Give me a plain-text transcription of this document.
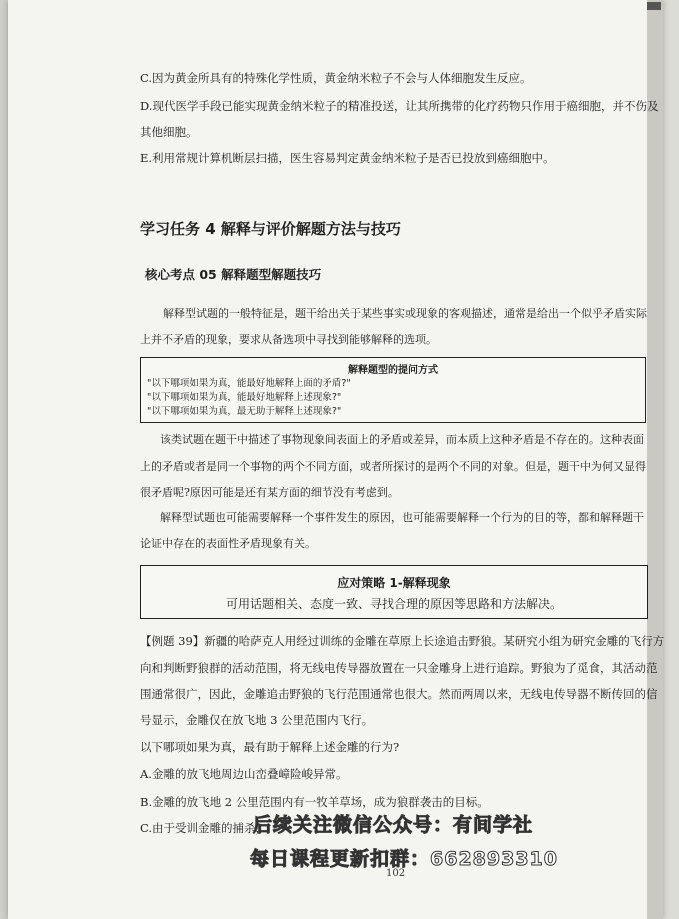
C.因为黄金所具有的特殊化学性质，黄金纳米粒子不会与人体细胞发生反应。
D.现代医学手段已能实现黄金纳米粒子的精准投送，让其所携带的化疗药物只作用于癌细胞，并不伤及
其他细胞。
E.利用常规计算机断层扫描，医生容易判定黄金纳米粒子是否已投放到癌细胞中。
学习任务 4 解释与评价解题方法与技巧
核心考点 05 解释题型解题技巧
解释型试题的一般特征是，题干给出关于某些事实或现象的客观描述，通常是给出一个似乎矛盾实际
上并不矛盾的现象，要求从备选项中寻找到能够解释的选项。
解释题型的提问方式
"以下哪项如果为真，能最好地解释上面的矛盾?"
"以下哪项如果为真，能最好地解释上述现象?"
"以下哪项如果为真，最无助于解释上述现象?"
该类试题在题干中描述了事物现象间表面上的矛盾或差异，而本质上这种矛盾是不存在的。这种表面
上的矛盾或者是同一个事物的两个不同方面，或者所探讨的是两个不同的对象。但是，题干中为何又显得
很矛盾呢?原因可能是还有某方面的细节没有考虑到。
解释型试题也可能需要解释一个事件发生的原因，也可能需要解释一个行为的目的等，都和解释题干
论证中存在的表面性矛盾现象有关。
应对策略 1-解释现象
可用话题相关、态度一致、寻找合理的原因等思路和方法解决。
【例题 39】新疆的哈萨克人用经过训练的金雕在草原上长途追击野狼。某研究小组为研究金雕的飞行方
向和判断野狼群的活动范围，将无线电传导器放置在一只金雕身上进行追踪。野狼为了觅食，其活动范
围通常很广，因此，金雕追击野狼的飞行范围通常也很大。然而两周以来，无线电传导器不断传回的信
号显示，金雕仅在放飞地 3 公里范围内飞行。
以下哪项如果为真，最有助于解释上述金雕的行为?
A.金雕的放飞地周边山峦叠嶂险峻异常。
B.金雕的放飞地 2 公里范围内有一牧羊草场，成为狼群袭击的目标。
C.由于受训金雕的捕杀，
后续关注微信公众号：有间学社
每日课程更新扣群：662893310
102
